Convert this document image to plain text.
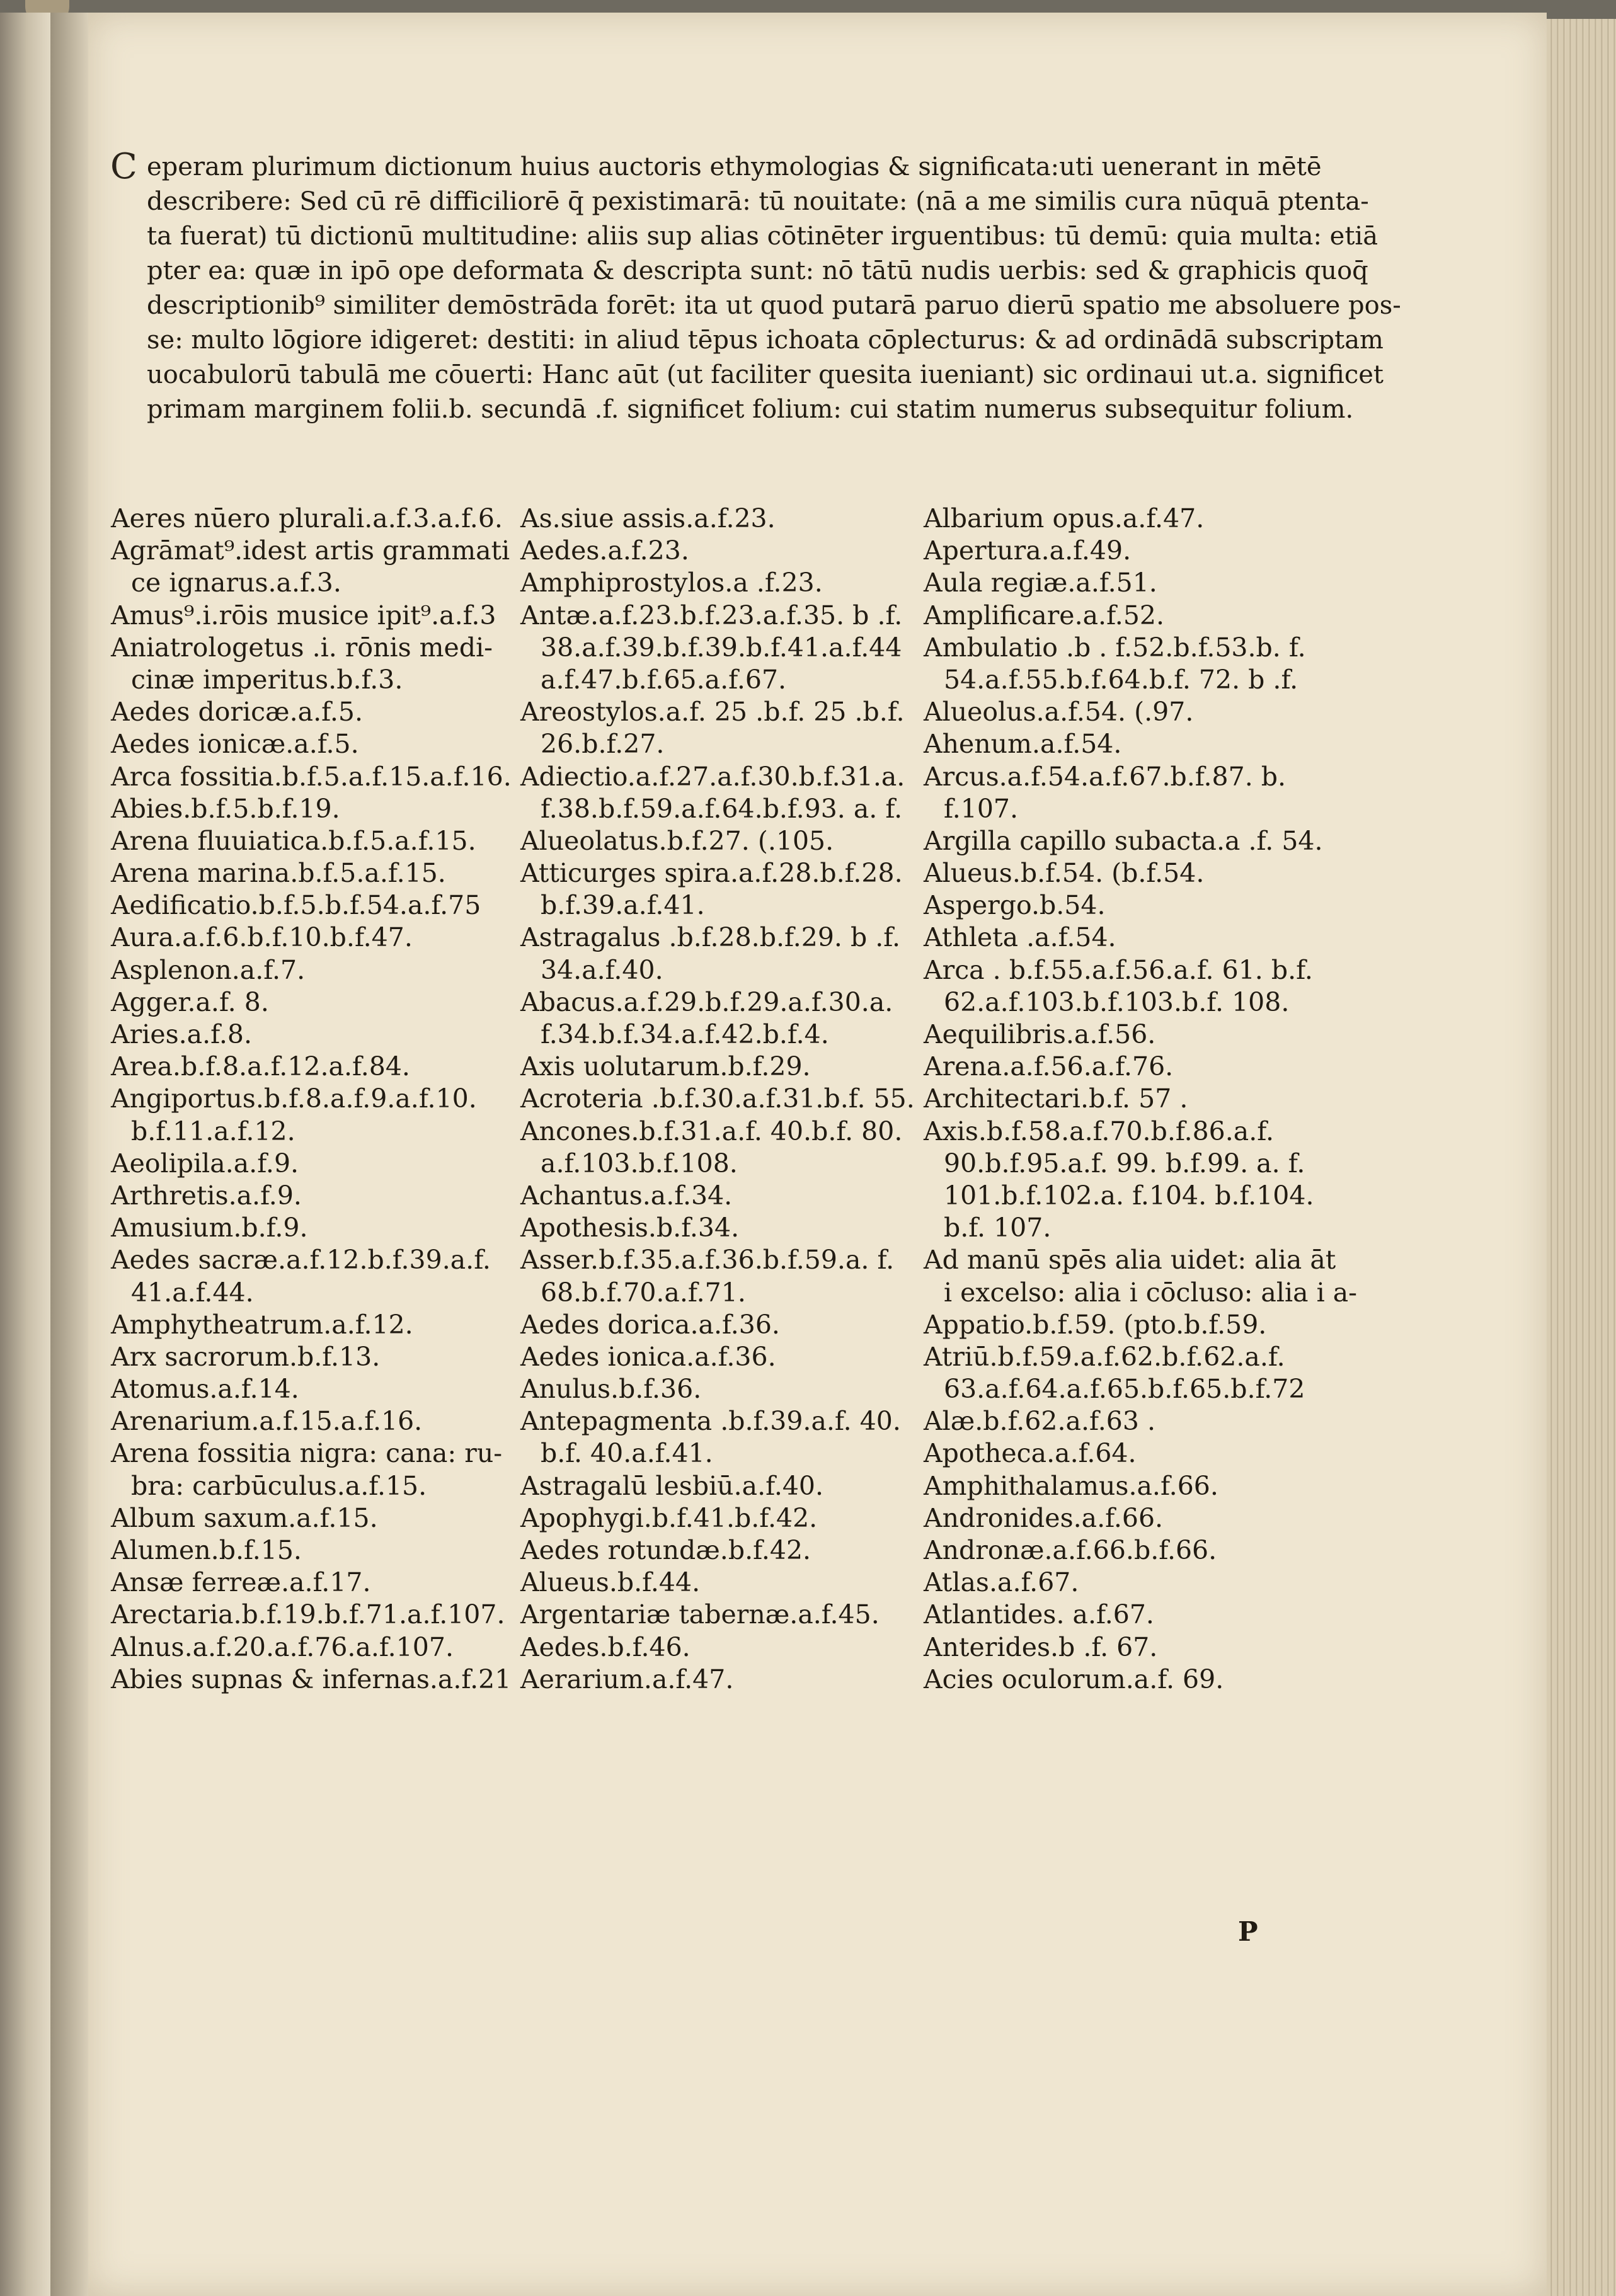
C eperam plurimum dictionum huius auctoris ethymologias & significata:uti uenerant in mētē
describere: Sed cū rē difficiliorē q̄ pexistimarā: tū nouitate: (nā a me similis cura nūquā ptenta-
ta fuerat) tū dictionū multitudine: aliis sup alias cōtinēter irguentibus: tū demū: quia multa: etiā
pter ea: quæ in ipō ope deformata & descripta sunt: nō tātū nudis uerbis: sed & graphicis quoq̄
descriptionib⁹ similiter demōstrāda forēt: ita ut quod putarā paruo dierū spatio me absoluere pos-
se: multo lōgiore idigeret: destiti: in aliud tēpus ichoata cōplecturus: & ad ordinādā subscriptam
uocabulorū tabulā me cōuerti: Hanc aūt (ut faciliter quesita iueniant) sic ordinaui ut.a. significet
primam marginem folii.b. secundā .f. significet folium: cui statim numerus subsequitur folium.
Aeres nūero plurali.a.f.3.a.f.6.
Agrāmat⁹.idest artis grammati
ce ignarus.a.f.3.
Amus⁹.i.rōis musice ipit⁹.a.f.3
Aniatrologetus .i. rōnis medi-
cinæ imperitus.b.f.3.
Aedes doricæ.a.f.5.
Aedes ionicæ.a.f.5.
Arca fossitia.b.f.5.a.f.15.a.f.16.
Abies.b.f.5.b.f.19.
Arena fluuiatica.b.f.5.a.f.15.
Arena marina.b.f.5.a.f.15.
Aedificatio.b.f.5.b.f.54.a.f.75
Aura.a.f.6.b.f.10.b.f.47.
Asplenon.a.f.7.
Agger.a.f. 8.
Aries.a.f.8.
Area.b.f.8.a.f.12.a.f.84.
Angiportus.b.f.8.a.f.9.a.f.10.
b.f.11.a.f.12.
Aeolipila.a.f.9.
Arthretis.a.f.9.
Amusium.b.f.9.
Aedes sacræ.a.f.12.b.f.39.a.f.
41.a.f.44.
Amphytheatrum.a.f.12.
Arx sacrorum.b.f.13.
Atomus.a.f.14.
Arenarium.a.f.15.a.f.16.
Arena fossitia nigra: cana: ru-
bra: carbūculus.a.f.15.
Album saxum.a.f.15.
Alumen.b.f.15.
Ansæ ferreæ.a.f.17.
Arectaria.b.f.19.b.f.71.a.f.107.
Alnus.a.f.20.a.f.76.a.f.107.
Abies supnas & infernas.a.f.21
As.siue assis.a.f.23.
Aedes.a.f.23.
Amphiprostylos.a .f.23.
Antæ.a.f.23.b.f.23.a.f.35. b .f.
38.a.f.39.b.f.39.b.f.41.a.f.44
a.f.47.b.f.65.a.f.67.
Areostylos.a.f. 25 .b.f. 25 .b.f.
26.b.f.27.
Adiectio.a.f.27.a.f.30.b.f.31.a.
f.38.b.f.59.a.f.64.b.f.93. a. f.
Alueolatus.b.f.27. (.105.
Atticurges spira.a.f.28.b.f.28.
b.f.39.a.f.41.
Astragalus .b.f.28.b.f.29. b .f.
34.a.f.40.
Abacus.a.f.29.b.f.29.a.f.30.a.
f.34.b.f.34.a.f.42.b.f.4.
Axis uolutarum.b.f.29.
Acroteria .b.f.30.a.f.31.b.f. 55.
Ancones.b.f.31.a.f. 40.b.f. 80.
a.f.103.b.f.108.
Achantus.a.f.34.
Apothesis.b.f.34.
Asser.b.f.35.a.f.36.b.f.59.a. f.
68.b.f.70.a.f.71.
Aedes dorica.a.f.36.
Aedes ionica.a.f.36.
Anulus.b.f.36.
Antepagmenta .b.f.39.a.f. 40.
b.f. 40.a.f.41.
Astragalū lesbiū.a.f.40.
Apophygi.b.f.41.b.f.42.
Aedes rotundæ.b.f.42.
Alueus.b.f.44.
Argentariæ tabernæ.a.f.45.
Aedes.b.f.46.
Aerarium.a.f.47.
Albarium opus.a.f.47.
Apertura.a.f.49.
Aula regiæ.a.f.51.
Amplificare.a.f.52.
Ambulatio .b . f.52.b.f.53.b. f.
54.a.f.55.b.f.64.b.f. 72. b .f.
Alueolus.a.f.54. (.97.
Ahenum.a.f.54.
Arcus.a.f.54.a.f.67.b.f.87. b.
f.107.
Argilla capillo subacta.a .f. 54.
Alueus.b.f.54. (b.f.54.
Aspergo.b.54.
Athleta .a.f.54.
Arca . b.f.55.a.f.56.a.f. 61. b.f.
62.a.f.103.b.f.103.b.f. 108.
Aequilibris.a.f.56.
Arena.a.f.56.a.f.76.
Architectari.b.f. 57 .
Axis.b.f.58.a.f.70.b.f.86.a.f.
90.b.f.95.a.f. 99. b.f.99. a. f.
101.b.f.102.a. f.104. b.f.104.
b.f. 107.
Ad manū spēs alia uidet: alia āt
i excelso: alia i cōcluso: alia i a-
Appatio.b.f.59. (pto.b.f.59.
Atriū.b.f.59.a.f.62.b.f.62.a.f.
63.a.f.64.a.f.65.b.f.65.b.f.72
Alæ.b.f.62.a.f.63 .
Apotheca.a.f.64.
Amphithalamus.a.f.66.
Andronides.a.f.66.
Andronæ.a.f.66.b.f.66.
Atlas.a.f.67.
Atlantides. a.f.67.
Anterides.b .f. 67.
Acies oculorum.a.f. 69.
P
